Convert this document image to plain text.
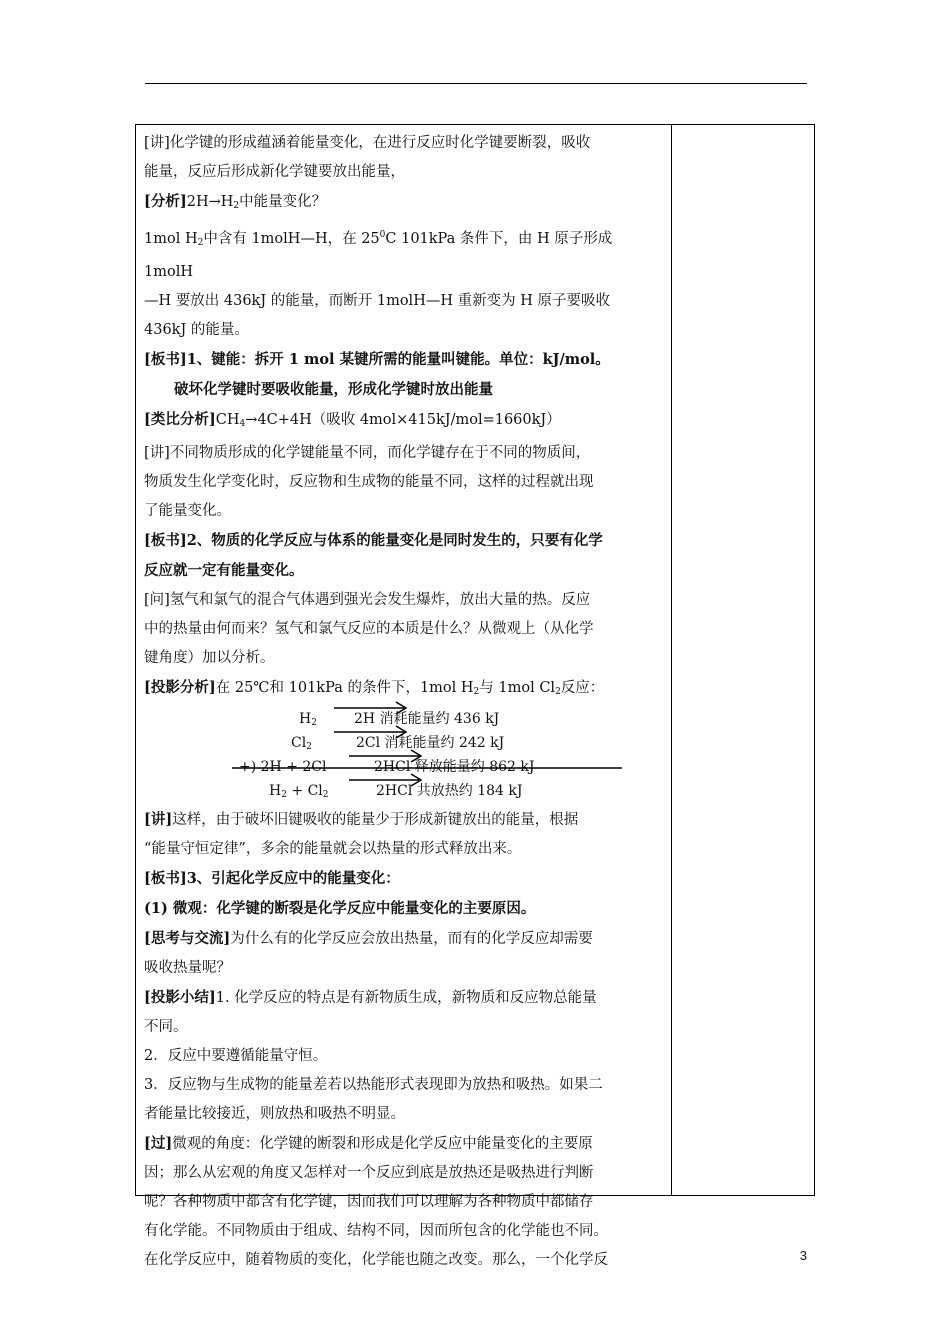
[讲]化学键的形成蕴涵着能量变化，在进行反应时化学键要断裂，吸收

能量，反应后形成新化学键要放出能量，

[分析]$2H\to H_2$中能量变化？

1mol $H_2$中含有 1molH—H，在 $25^0C$ 101kPa 条件下，由 H 原子形成 1molH

—H 要放出 436kJ 的能量，而断开 1molH—H 重新变为 H 原子要吸收

436kJ 的能量。

[板书]1、键能：拆开 1 mol 某键所需的能量叫键能。单位：kJ/mol。

破坏化学键时要吸收能量，形成化学键时放出能量

[类比分析]$CH_4\to 4C+4H$（吸收 4mol×415kJ/mol=1660kJ）

[讲]不同物质形成的化学键能量不同，而化学键存在于不同的物质间，

物质发生化学变化时，反应物和生成物的能量不同，这样的过程就出现

了能量变化。

[板书]2、物质的化学反应与体系的能量变化是同时发生的，只要有化学

反应就一定有能量变化。

[问]氢气和氯气的混合气体遇到强光会发生爆炸，放出大量的热。反应

中的热量由何而来？氢气和氯气反应的本质是什么？从微观上（从化学

键角度）加以分析。

[投影分析]在 25℃和 101kPa 的条件下，1mol $H_2$与 1mol $Cl_2$反应：

$H_2$	2H 消耗能量约 436 kJ
$Cl_2$	2Cl 消耗能量约 242 kJ
+) 2H + 2Cl	2HCl 释放能量约 862 kJ
$H_2 + Cl_2$	2HCl 共放热约 184 kJ

[讲]这样，由于破坏旧键吸收的能量少于形成新键放出的能量，根据

“能量守恒定律”，多余的能量就会以热量的形式释放出来。

[板书]3、引起化学反应中的能量变化：

(1) 微观：化学键的断裂是化学反应中能量变化的主要原因。

[思考与交流]为什么有的化学反应会放出热量，而有的化学反应却需要

吸收热量呢？

[投影小结]1. 化学反应的特点是有新物质生成，新物质和反应物总能量

不同。

2．反应中要遵循能量守恒。

3．反应物与生成物的能量差若以热能形式表现即为放热和吸热。如果二

者能量比较接近，则放热和吸热不明显。

[过]微观的角度：化学键的断裂和形成是化学反应中能量变化的主要原

因；那么从宏观的角度又怎样对一个反应到底是放热还是吸热进行判断

呢？各种物质中都含有化学键，因而我们可以理解为各种物质中都储存

有化学能。不同物质由于组成、结构不同，因而所包含的化学能也不同。

在化学反应中，随着物质的变化，化学能也随之改变。那么，一个化学反	3
